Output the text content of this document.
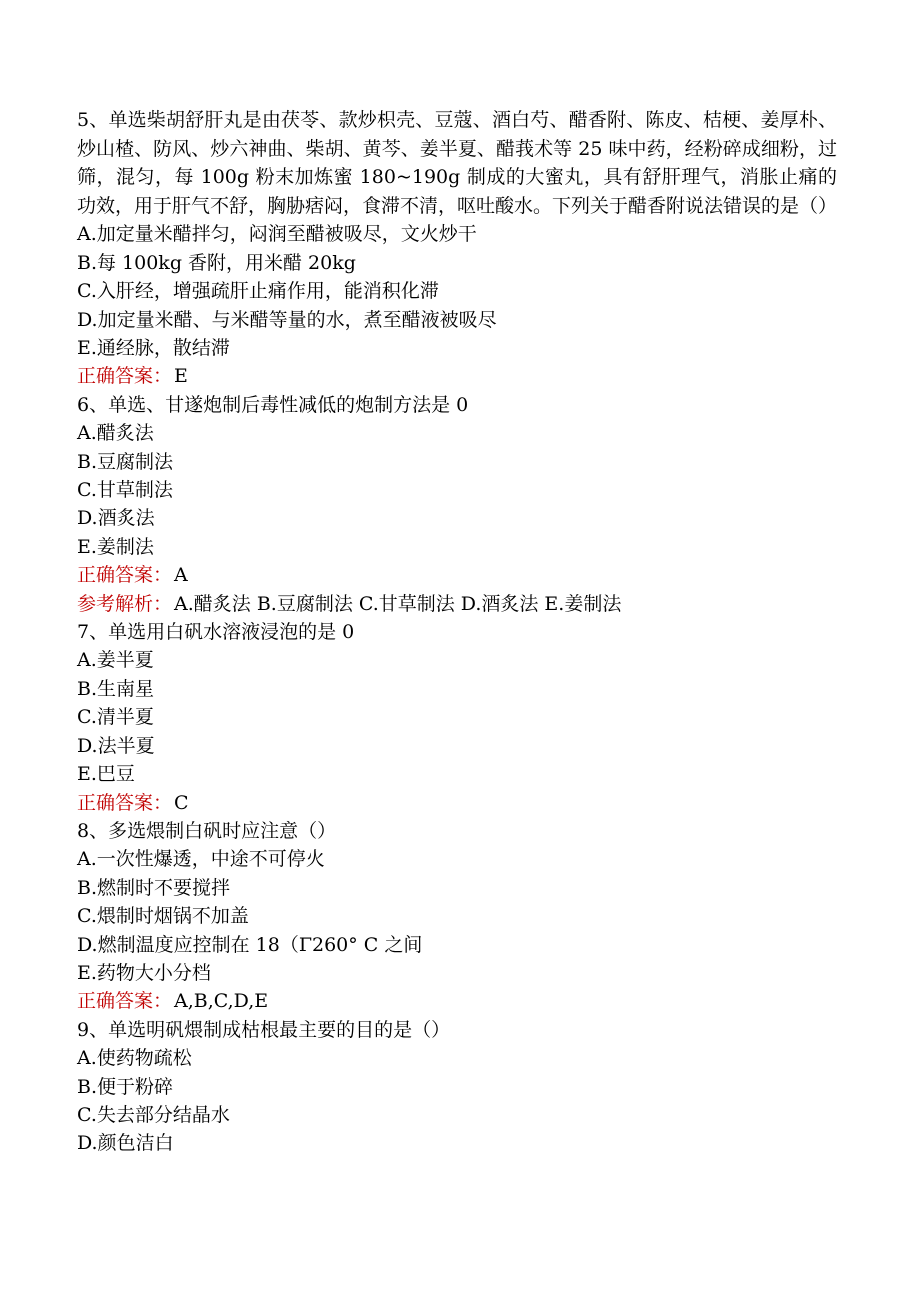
5、单选柴胡舒肝丸是由茯苓、款炒枳壳、豆蔻、酒白芍、醋香附、陈皮、桔梗、姜厚朴、炒山楂、防风、炒六神曲、柴胡、黄芩、姜半夏、醋莪术等 25 味中药，经粉碎成细粉，过筛，混匀，每 100g 粉末加炼蜜 180~190g 制成的大蜜丸，具有舒肝理气，消胀止痛的功效，用于肝气不舒，胸胁痞闷，食滞不清，呕吐酸水。下列关于醋香附说法错误的是（）

A.加定量米醋拌匀，闷润至醋被吸尽，文火炒干

B.每 100kg 香附，用米醋 20kg

C.入肝经，增强疏肝止痛作用，能消积化滞

D.加定量米醋、与米醋等量的水，煮至醋液被吸尽

E.通经脉，散结滞

正确答案： E

6、单选、甘遂炮制后毒性减低的炮制方法是 0

A.醋炙法

B.豆腐制法

C.甘草制法

D.酒炙法

E.姜制法

正确答案： A

参考解析： A.醋炙法 B.豆腐制法 C.甘草制法 D.酒炙法 E.姜制法

7、单选用白矾水溶液浸泡的是 0

A.姜半夏

B.生南星

C.清半夏

D.法半夏

E.巴豆

正确答案： C

8、多选煨制白矾时应注意（）

A.一次性爆透，中途不可停火

B.燃制时不要搅拌

C.煨制时烟锅不加盖

D.燃制温度应控制在 18（Γ260° C 之间

E.药物大小分档

正确答案： A,B,C,D,E

9、单选明矾煨制成枯根最主要的目的是（）

A.使药物疏松

B.便于粉碎

C.失去部分结晶水

D.颜色洁白
